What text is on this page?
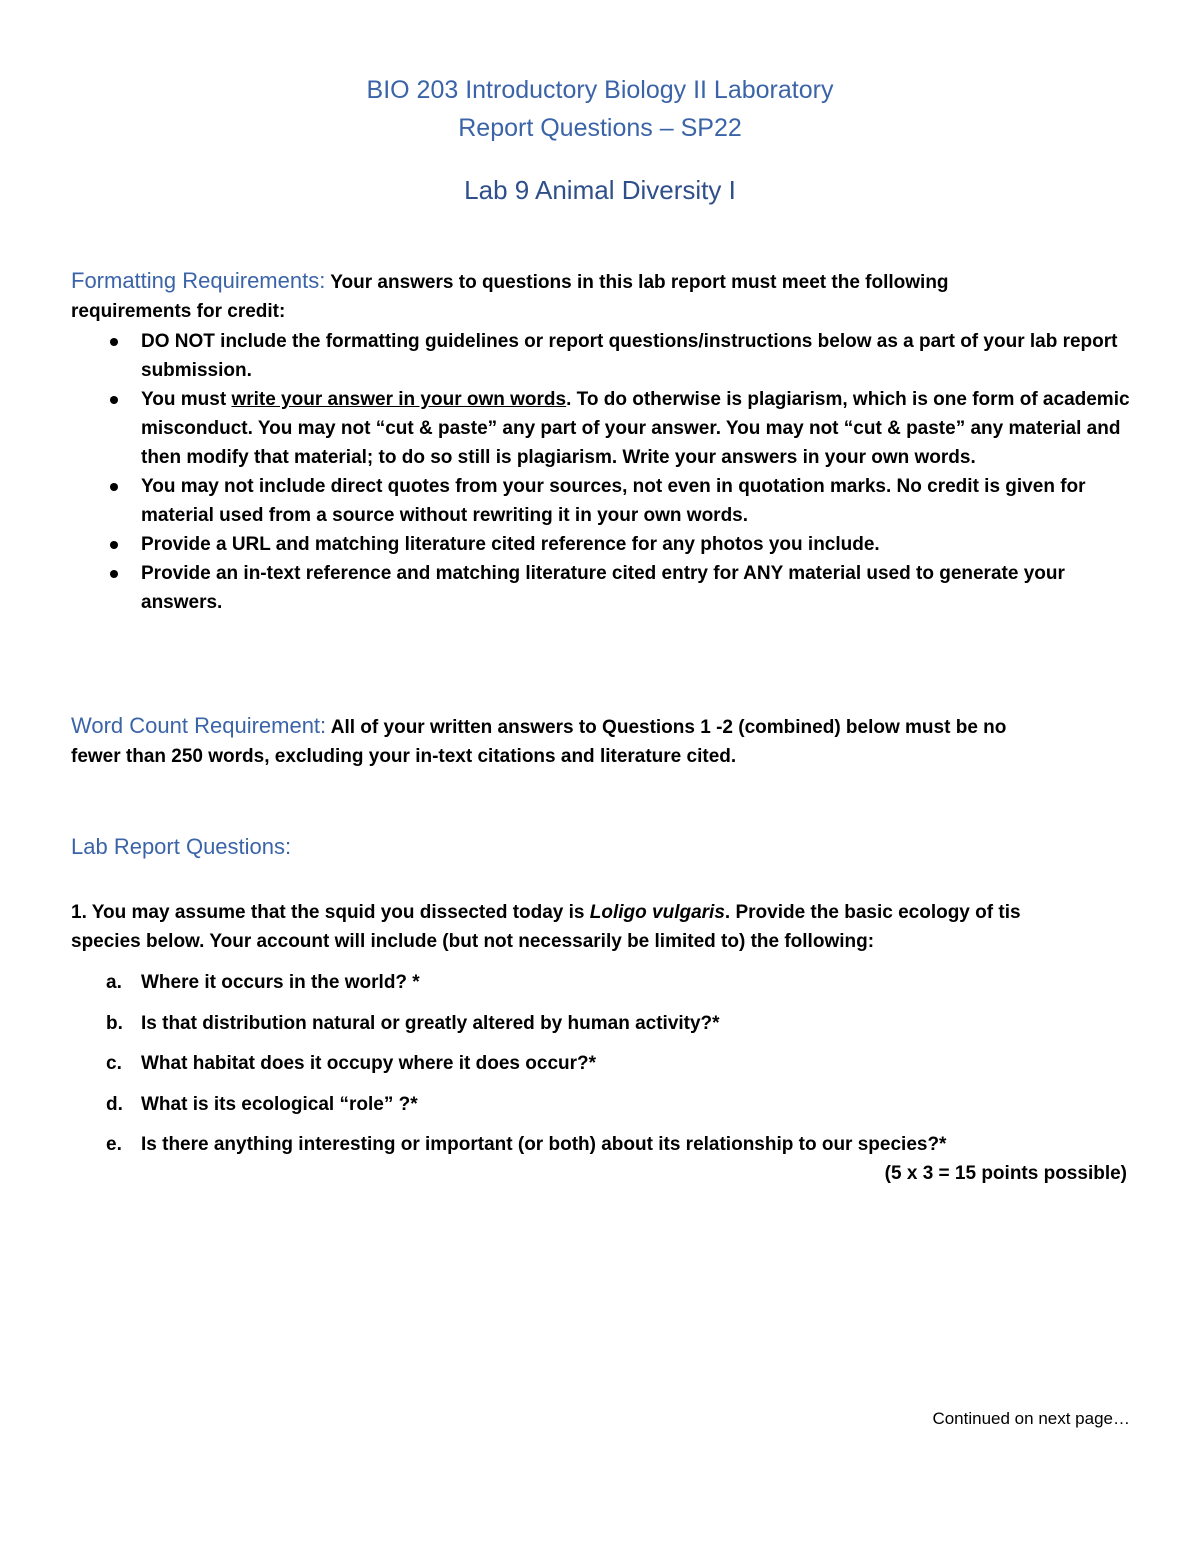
BIO 203 Introductory Biology II Laboratory
Report Questions – SP22
Lab 9 Animal Diversity I
Formatting Requirements: Your answers to questions in this lab report must meet the following
requirements for credit:
DO NOT include the formatting guidelines or report questions/instructions below as a part of your lab report submission.
You must write your answer in your own words. To do otherwise is plagiarism, which is one form of academic misconduct. You may not “cut & paste” any part of your answer. You may not “cut & paste” any material and then modify that material; to do so still is plagiarism. Write your answers in your own words.
You may not include direct quotes from your sources, not even in quotation marks. No credit is given for material used from a source without rewriting it in your own words.
Provide a URL and matching literature cited reference for any photos you include.
Provide an in-text reference and matching literature cited entry for ANY material used to generate your answers.
Word Count Requirement: All of your written answers to Questions 1 -2 (combined) below must be no
fewer than 250 words, excluding your in-text citations and literature cited.
Lab Report Questions:
1. You may assume that the squid you dissected today is Loligo vulgaris. Provide the basic ecology of tis
species below. Your account will include (but not necessarily be limited to) the following:
a. Where it occurs in the world? *
b. Is that distribution natural or greatly altered by human activity?*
c. What habitat does it occupy where it does occur?*
d. What is its ecological “role” ?*
e. Is there anything interesting or important (or both) about its relationship to our species?*
(5 x 3 = 15 points possible)
Continued on next page…
